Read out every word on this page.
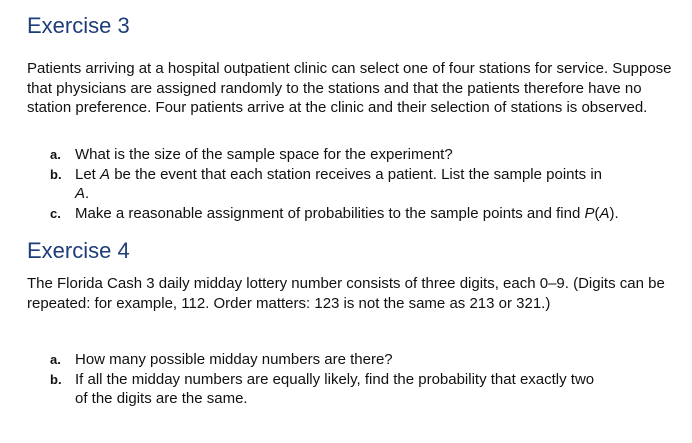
Exercise 3

Patients arriving at a hospital outpatient clinic can select one of four stations for service. Suppose that physicians are assigned randomly to the stations and that the patients therefore have no station preference. Four patients arrive at the clinic and their selection of stations is observed.

a. What is the size of the sample space for the experiment?
b. Let A be the event that each station receives a patient. List the sample points in
A.
c. Make a reasonable assignment of probabilities to the sample points and find P(A).
Exercise 4

The Florida Cash 3 daily midday lottery number consists of three digits, each 0–9. (Digits can be repeated: for example, 112. Order matters: 123 is not the same as 213 or 321.)

a. How many possible midday numbers are there?
b. If all the midday numbers are equally likely, find the probability that exactly two of the digits are the same.
